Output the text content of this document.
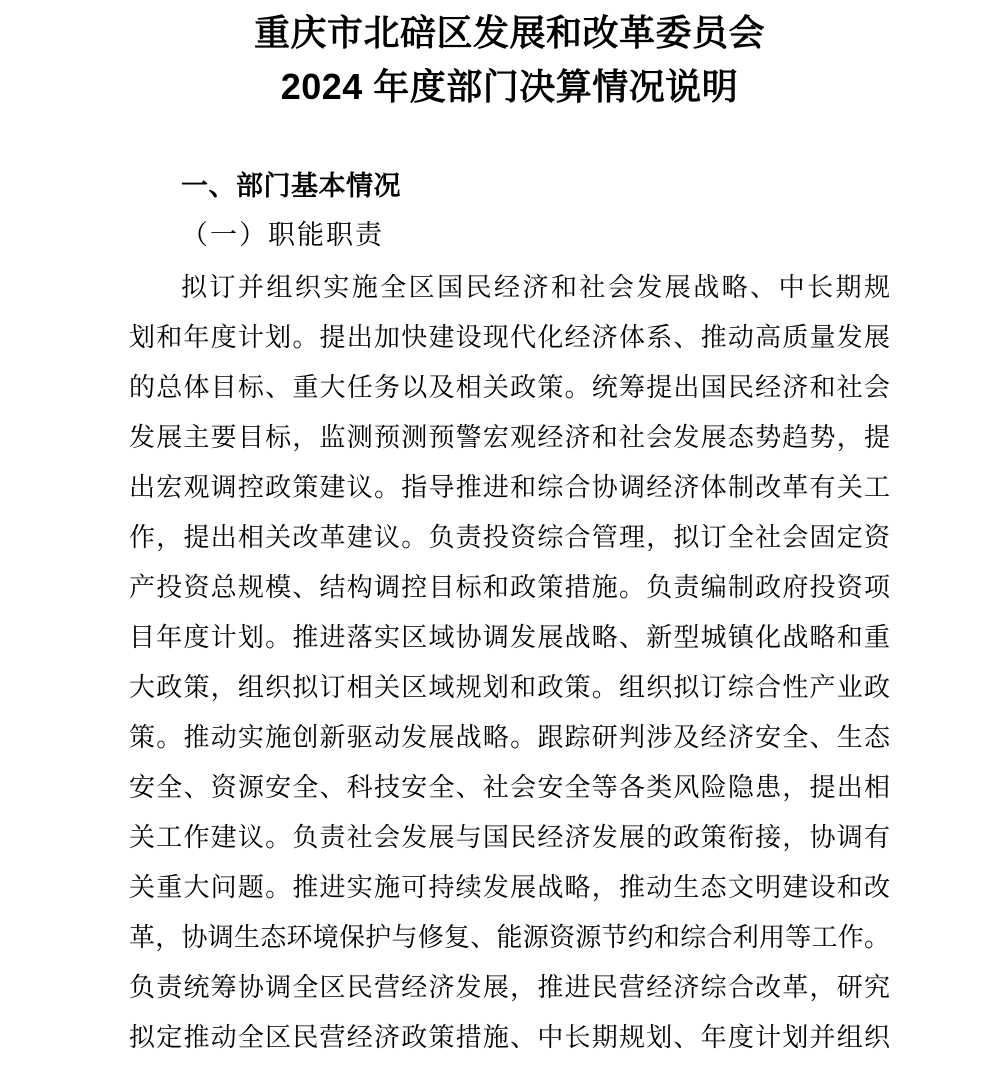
重庆市北碚区发展和改革委员会
2024 年度部门决算情况说明
一、部门基本情况
（一）职能职责
拟订并组织实施全区国民经济和社会发展战略、中长期规
划和年度计划。提出加快建设现代化经济体系、推动高质量发展
的总体目标、重大任务以及相关政策。统筹提出国民经济和社会
发展主要目标，监测预测预警宏观经济和社会发展态势趋势，提
出宏观调控政策建议。指导推进和综合协调经济体制改革有关工
作，提出相关改革建议。负责投资综合管理，拟订全社会固定资
产投资总规模、结构调控目标和政策措施。负责编制政府投资项
目年度计划。推进落实区域协调发展战略、新型城镇化战略和重
大政策，组织拟订相关区域规划和政策。组织拟订综合性产业政
策。推动实施创新驱动发展战略。跟踪研判涉及经济安全、生态
安全、资源安全、科技安全、社会安全等各类风险隐患，提出相
关工作建议。负责社会发展与国民经济发展的政策衔接，协调有
关重大问题。推进实施可持续发展战略，推动生态文明建设和改
革，协调生态环境保护与修复、能源资源节约和综合利用等工作。
负责统筹协调全区民营经济发展，推进民营经济综合改革，研究
拟定推动全区民营经济政策措施、中长期规划、年度计划并组织
